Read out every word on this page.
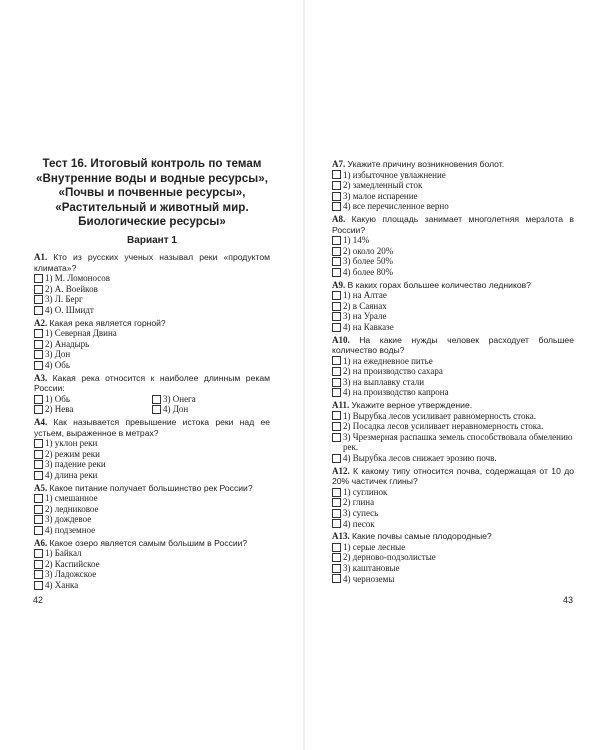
Тест 16. Итоговый контроль по темам
«Внутренние воды и водные ресурсы»,
«Почвы и почвенные ресурсы»,
«Растительный и животный мир.
Биологические ресурсы»
Вариант 1
А1. Кто из русских ученых называл реки «продуктом климата»?
1) М. Ломоносов
2) А. Воейков
3) Л. Берг
4) О. Шмидт
А2. Какая река является горной?
1) Северная Двина
2) Анадырь
3) Дон
4) Обь
А3. Какая река относится к наиболее длинным рекам России:
1) Обь	3) Онега
2) Нева	4) Дон
А4. Как называется превышение истока реки над ее устьем, выраженное в метрах?
1) уклон реки
2) режим реки
3) падение реки
4) длина реки
А5. Какое питание получает большинство рек России?
1) смешанное
2) ледниковое
3) дождевое
4) подземное
А6. Какое озеро является самым большим в России?
1) Байкал
2) Каспийское
3) Ладожское
4) Ханка
42
А7. Укажите причину возникновения болот.
1) избыточное увлажнение
2) замедленный сток
3) малое испарение
4) все перечисленное верно
А8. Какую площадь занимает многолетняя мерзлота в России?
1) 14%
2) около 20%
3) более 50%
4) более 80%
А9. В каких горах большее количество ледников?
1) на Алтае
2) в Саянах
3) на Урале
4) на Кавказе
А10. На какие нужды человек расходует большее количество воды?
1) на ежедневное питье
2) на производство сахара
3) на выплавку стали
4) на производство капрона
А11. Укажите верное утверждение.
1) Вырубка лесов усиливает равномерность стока.
2) Посадка лесов усиливает неравномерность стока.
3) Чрезмерная распашка земель способствовала обмелению рек.
4) Вырубка лесов снижает эрозию почв.
А12. К какому типу относится почва, содержащая от 10 до 20% частичек глины?
1) суглинок
2) глина
3) супесь
4) песок
А13. Какие почвы самые плодородные?
1) серые лесные
2) дерново-подзолистые
3) каштановые
4) черноземы
43
